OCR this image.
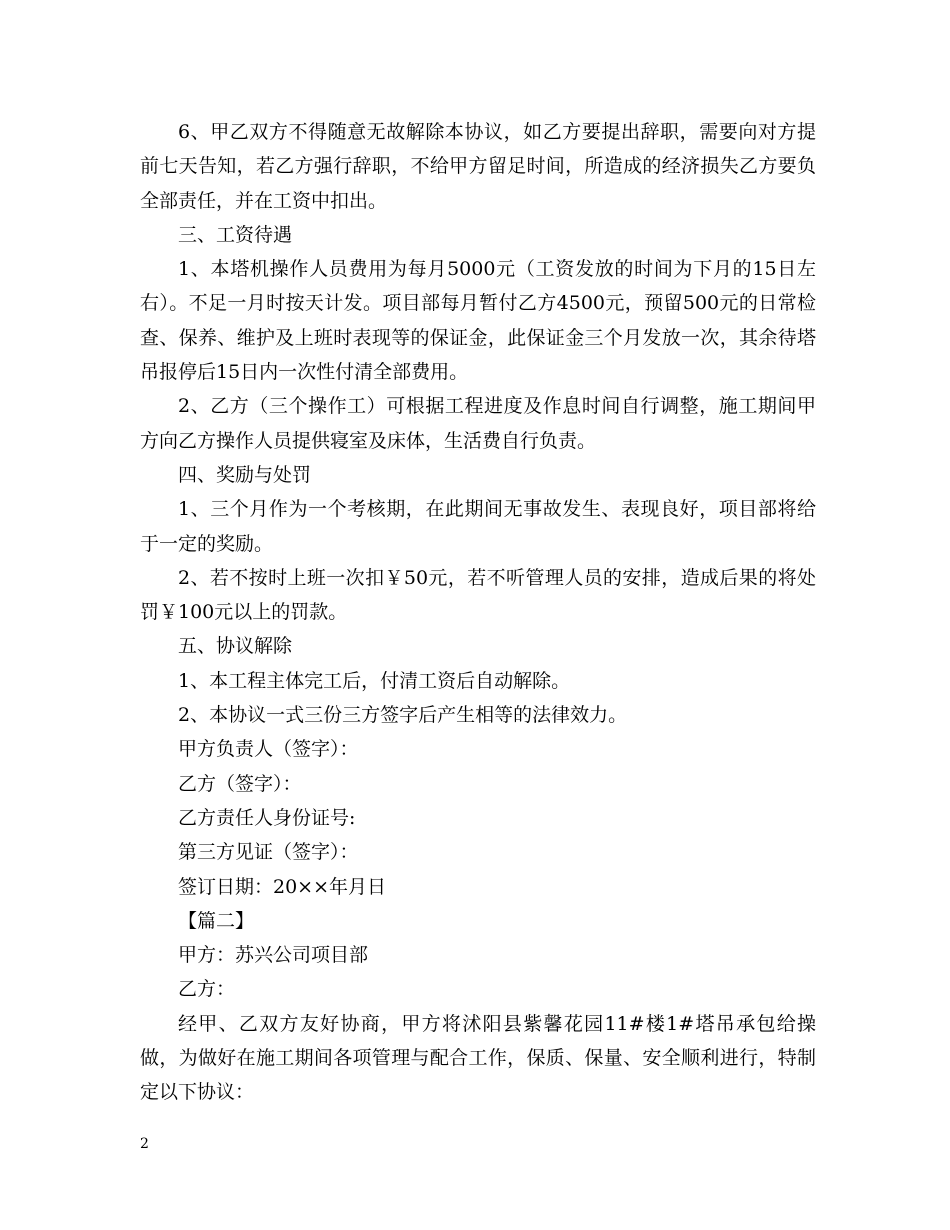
6、甲乙双方不得随意无故解除本协议，如乙方要提出辞职，需要向对方提前七天告知，若乙方强行辞职，不给甲方留足时间，所造成的经济损失乙方要负全部责任，并在工资中扣出。

三、工资待遇

1、本塔机操作人员费用为每月5000元（工资发放的时间为下月的15日左右）。不足一月时按天计发。项目部每月暂付乙方4500元，预留500元的日常检查、保养、维护及上班时表现等的保证金，此保证金三个月发放一次，其余待塔吊报停后15日内一次性付清全部费用。

2、乙方（三个操作工）可根据工程进度及作息时间自行调整，施工期间甲方向乙方操作人员提供寝室及床体，生活费自行负责。

四、奖励与处罚

1、三个月作为一个考核期，在此期间无事故发生、表现良好，项目部将给于一定的奖励。

2、若不按时上班一次扣￥50元，若不听管理人员的安排，造成后果的将处罚￥100元以上的罚款。

五、协议解除

1、本工程主体完工后，付清工资后自动解除。

2、本协议一式三份三方签字后产生相等的法律效力。

甲方负责人（签字）：

乙方（签字）：

乙方责任人身份证号:

第三方见证（签字）：

签订日期：20××年月日

【篇二】

甲方：苏兴公司项目部

乙方：

经甲、乙双方友好协商，甲方将沭阳县紫馨花园11#楼1#塔吊承包给操做，为做好在施工期间各项管理与配合工作，保质、保量、安全顺利进行，特制定以下协议：

2
